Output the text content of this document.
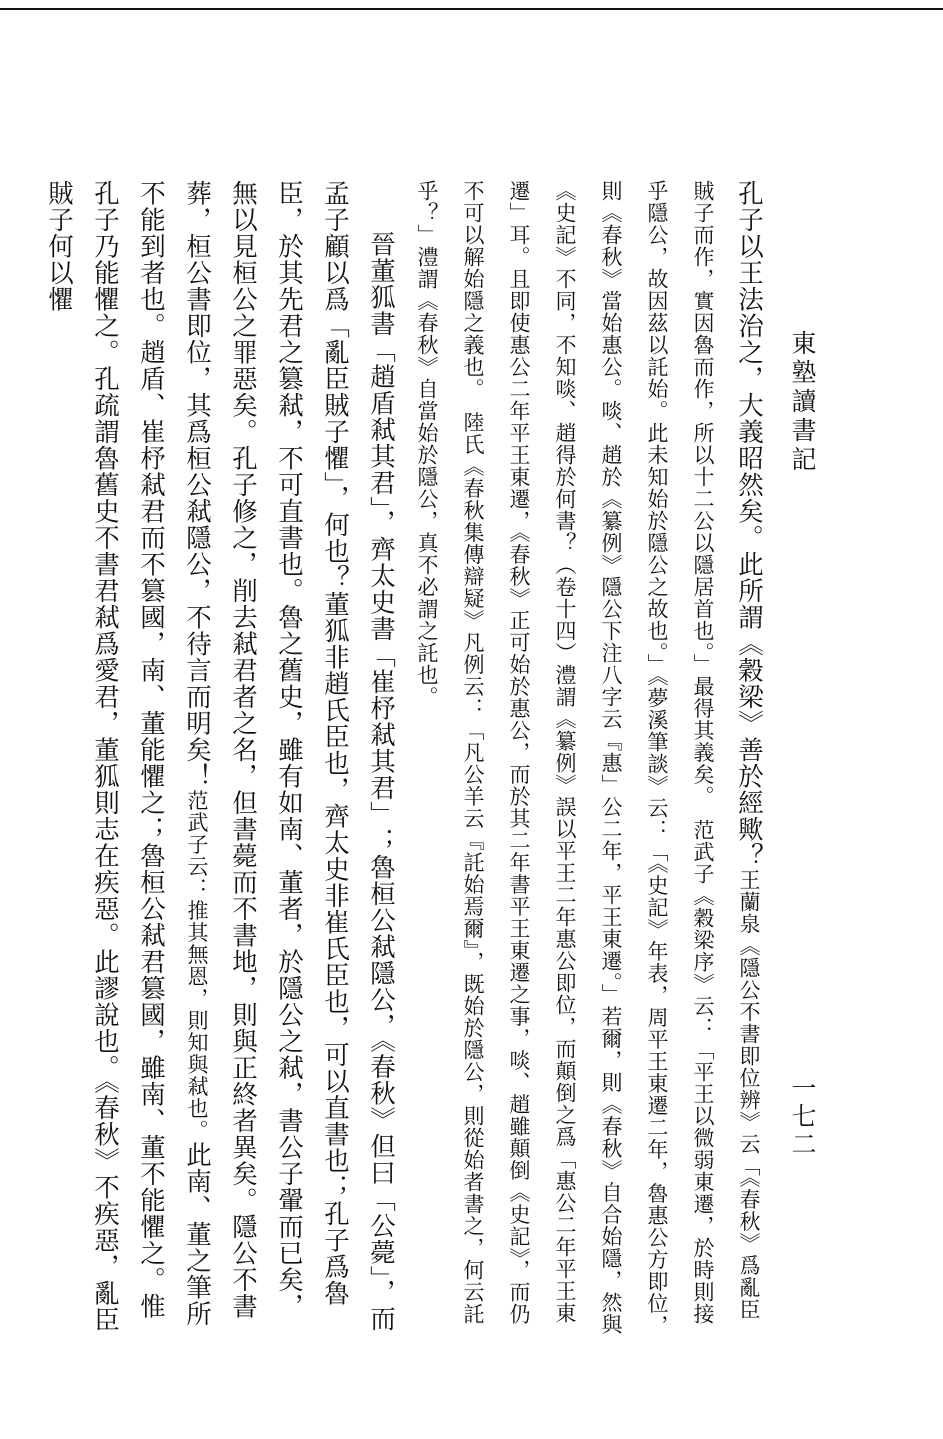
東塾讀書記
一七二

孔子以王法治之，大義昭然矣。此所謂《穀梁》善於經歟？王蘭泉《隱公不書即位辨》云「《春秋》爲亂臣賊子而作，實因魯而作，所以十二公以隱居首也。」最得其義矣。　范武子《穀梁序》云：「平王以微弱東遷，於時則接乎隱公，故因茲以託始。此未知始於隱公之故也。」《夢溪筆談》云：「《史記》年表，周平王東遷二年，魯惠公方即位，則《春秋》當始惠公。啖、趙於《纂例》隱公下注八字云『惠」公二年，平王東遷。」若爾，則《春秋》自合始隱，然與《史記》不同，不知啖、趙得於何書？（卷十四）澧謂《纂例》誤以平王二年惠公即位，而顛倒之爲「惠公二年平王東遷」耳。且即使惠公二年平王東遷，《春秋》正可始於惠公，而於其二年書平王東遷之事，啖、趙雖顛倒《史記》，而仍不可以解始隱之義也。　陸氏《春秋集傳辯疑》凡例云：「凡公羊云『託始焉爾』，既始於隱公，則從始者書之，何云託乎？」澧謂《春秋》自當始於隱公，真不必謂之託也。

晉董狐書「趙盾弒其君」，齊太史書「崔杼弒其君」；魯桓公弒隱公，《春秋》但曰「公薨」，而孟子顧以爲「亂臣賊子懼」，何也？董狐非趙氏臣也，齊太史非崔氏臣也，可以直書也；孔子爲魯臣，於其先君之篡弒，不可直書也。魯之舊史，雖有如南、董者，於隱公之弒，書公子翬而已矣，無以見桓公之罪惡矣。孔子修之，削去弒君者之名，但書薨而不書地，則與正終者異矣。隱公不書葬，桓公書即位，其爲桓公弒隱公，不待言而明矣！范武子云：推其無恩，則知與弒也。此南、董之筆所不能到者也。趙盾、崔杼弒君而不篡國，南、董能懼之；魯桓公弒君篡國，雖南、董不能懼之。惟孔子乃能懼之。孔疏謂魯舊史不書君弒爲愛君，董狐則志在疾惡。此謬說也。《春秋》不疾惡，亂臣賊子何以懼
